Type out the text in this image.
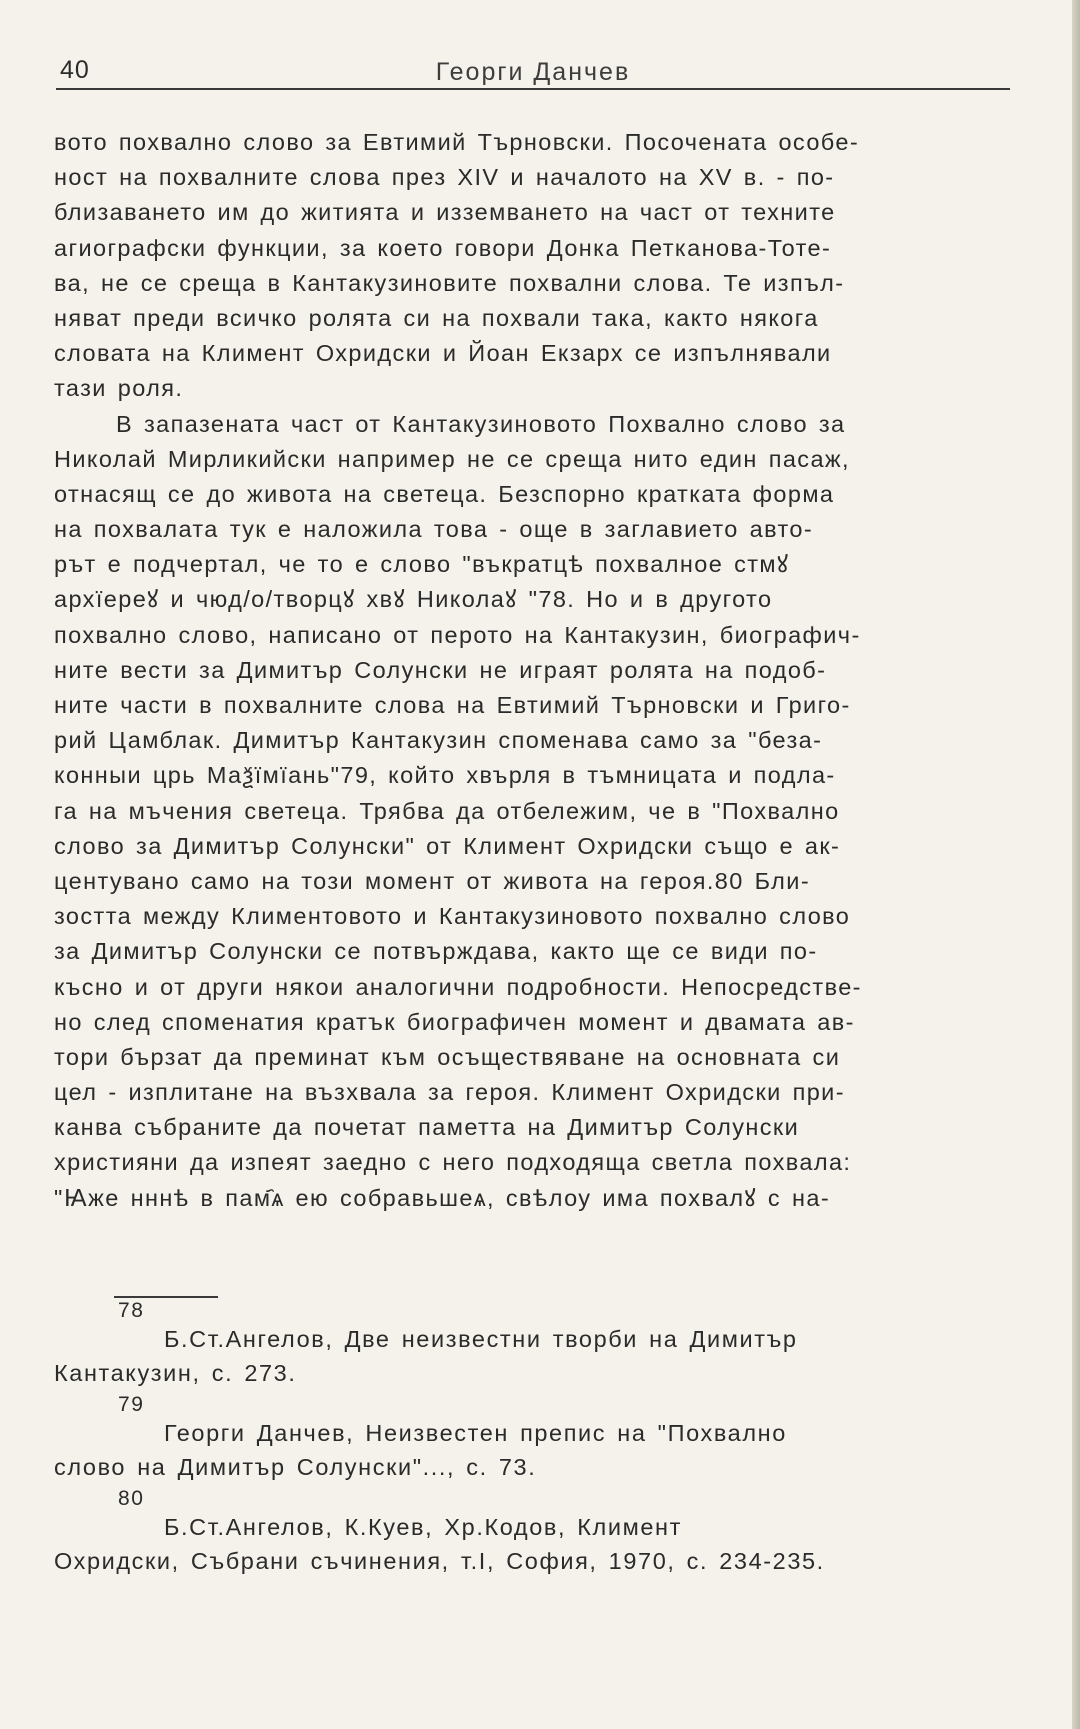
40	Георги Данчев
вото похвално слово за Евтимий Търновски. Посочената особе-
ност на похвалните слова през XIV и началото на XV в. - по-
близаването им до житията и изземването на част от техните
агиографски функции, за което говори Донка Петканова-Тоте-
ва, не се среща в Кантакузиновите похвални слова. Те изпъл-
няват преди всичко ролята си на похвали така, както някога
словата на Климент Охридски и Йоан Екзарх се изпълнявали
тази роля.
В запазената част от Кантакузиновото Похвално слово за
Николай Мирликийски например не се среща нито един пасаж,
отнасящ се до живота на светеца. Безспорно кратката форма
на похвалата тук е наложила това - още в заглавието авто-
рът е подчертал, че то е слово "въкратцѣ похвалное стмꙋ
архїереꙋ и чюд/о/творцꙋ хвꙋ Николаꙋ "78. Но и в другото
похвално слово, написано от перото на Кантакузин, биографич-
ните вести за Димитър Солунски не играят ролята на подоб-
ните части в похвалните слова на Евтимий Търновски и Григо-
рий Цамблак. Димитър Кантакузин споменава само за "беза-
конныи црь Маѯїмїань"79, който хвърля в тъмницата и подла-
га на мъчения светеца. Трябва да отбележим, че в "Похвално
слово за Димитър Солунски" от Климент Охридски също е ак-
центувано само на този момент от живота на героя.80 Бли-
зостта между Климентовото и Кантакузиновото похвално слово
за Димитър Солунски се потвърждава, както ще се види по-
късно и от други някои аналогични подробности. Непосредстве-
но след споменатия кратък биографичен момент и двамата ав-
тори бързат да преминат към осъществяване на основната си
цел - изплитане на възхвала за героя. Климент Охридски при-
канва събраните да почетат паметта на Димитър Солунски
християни да изпеят заедно с него подходяща светла похвала:
"Ꙗже нннѣ в пам҄ѧ ею собравьшеѧ, свѣлоу има похвалꙋ с на-
78
Б.Ст.Ангелов, Две неизвестни творби на Димитър
Кантакузин, с. 273.
79
Георги Данчев, Неизвестен препис на "Похвално
слово на Димитър Солунски"..., с. 73.
80
Б.Ст.Ангелов, К.Куев, Хр.Кодов, Климент
Охридски, Събрани съчинения, т.I, София, 1970, с. 234-235.
